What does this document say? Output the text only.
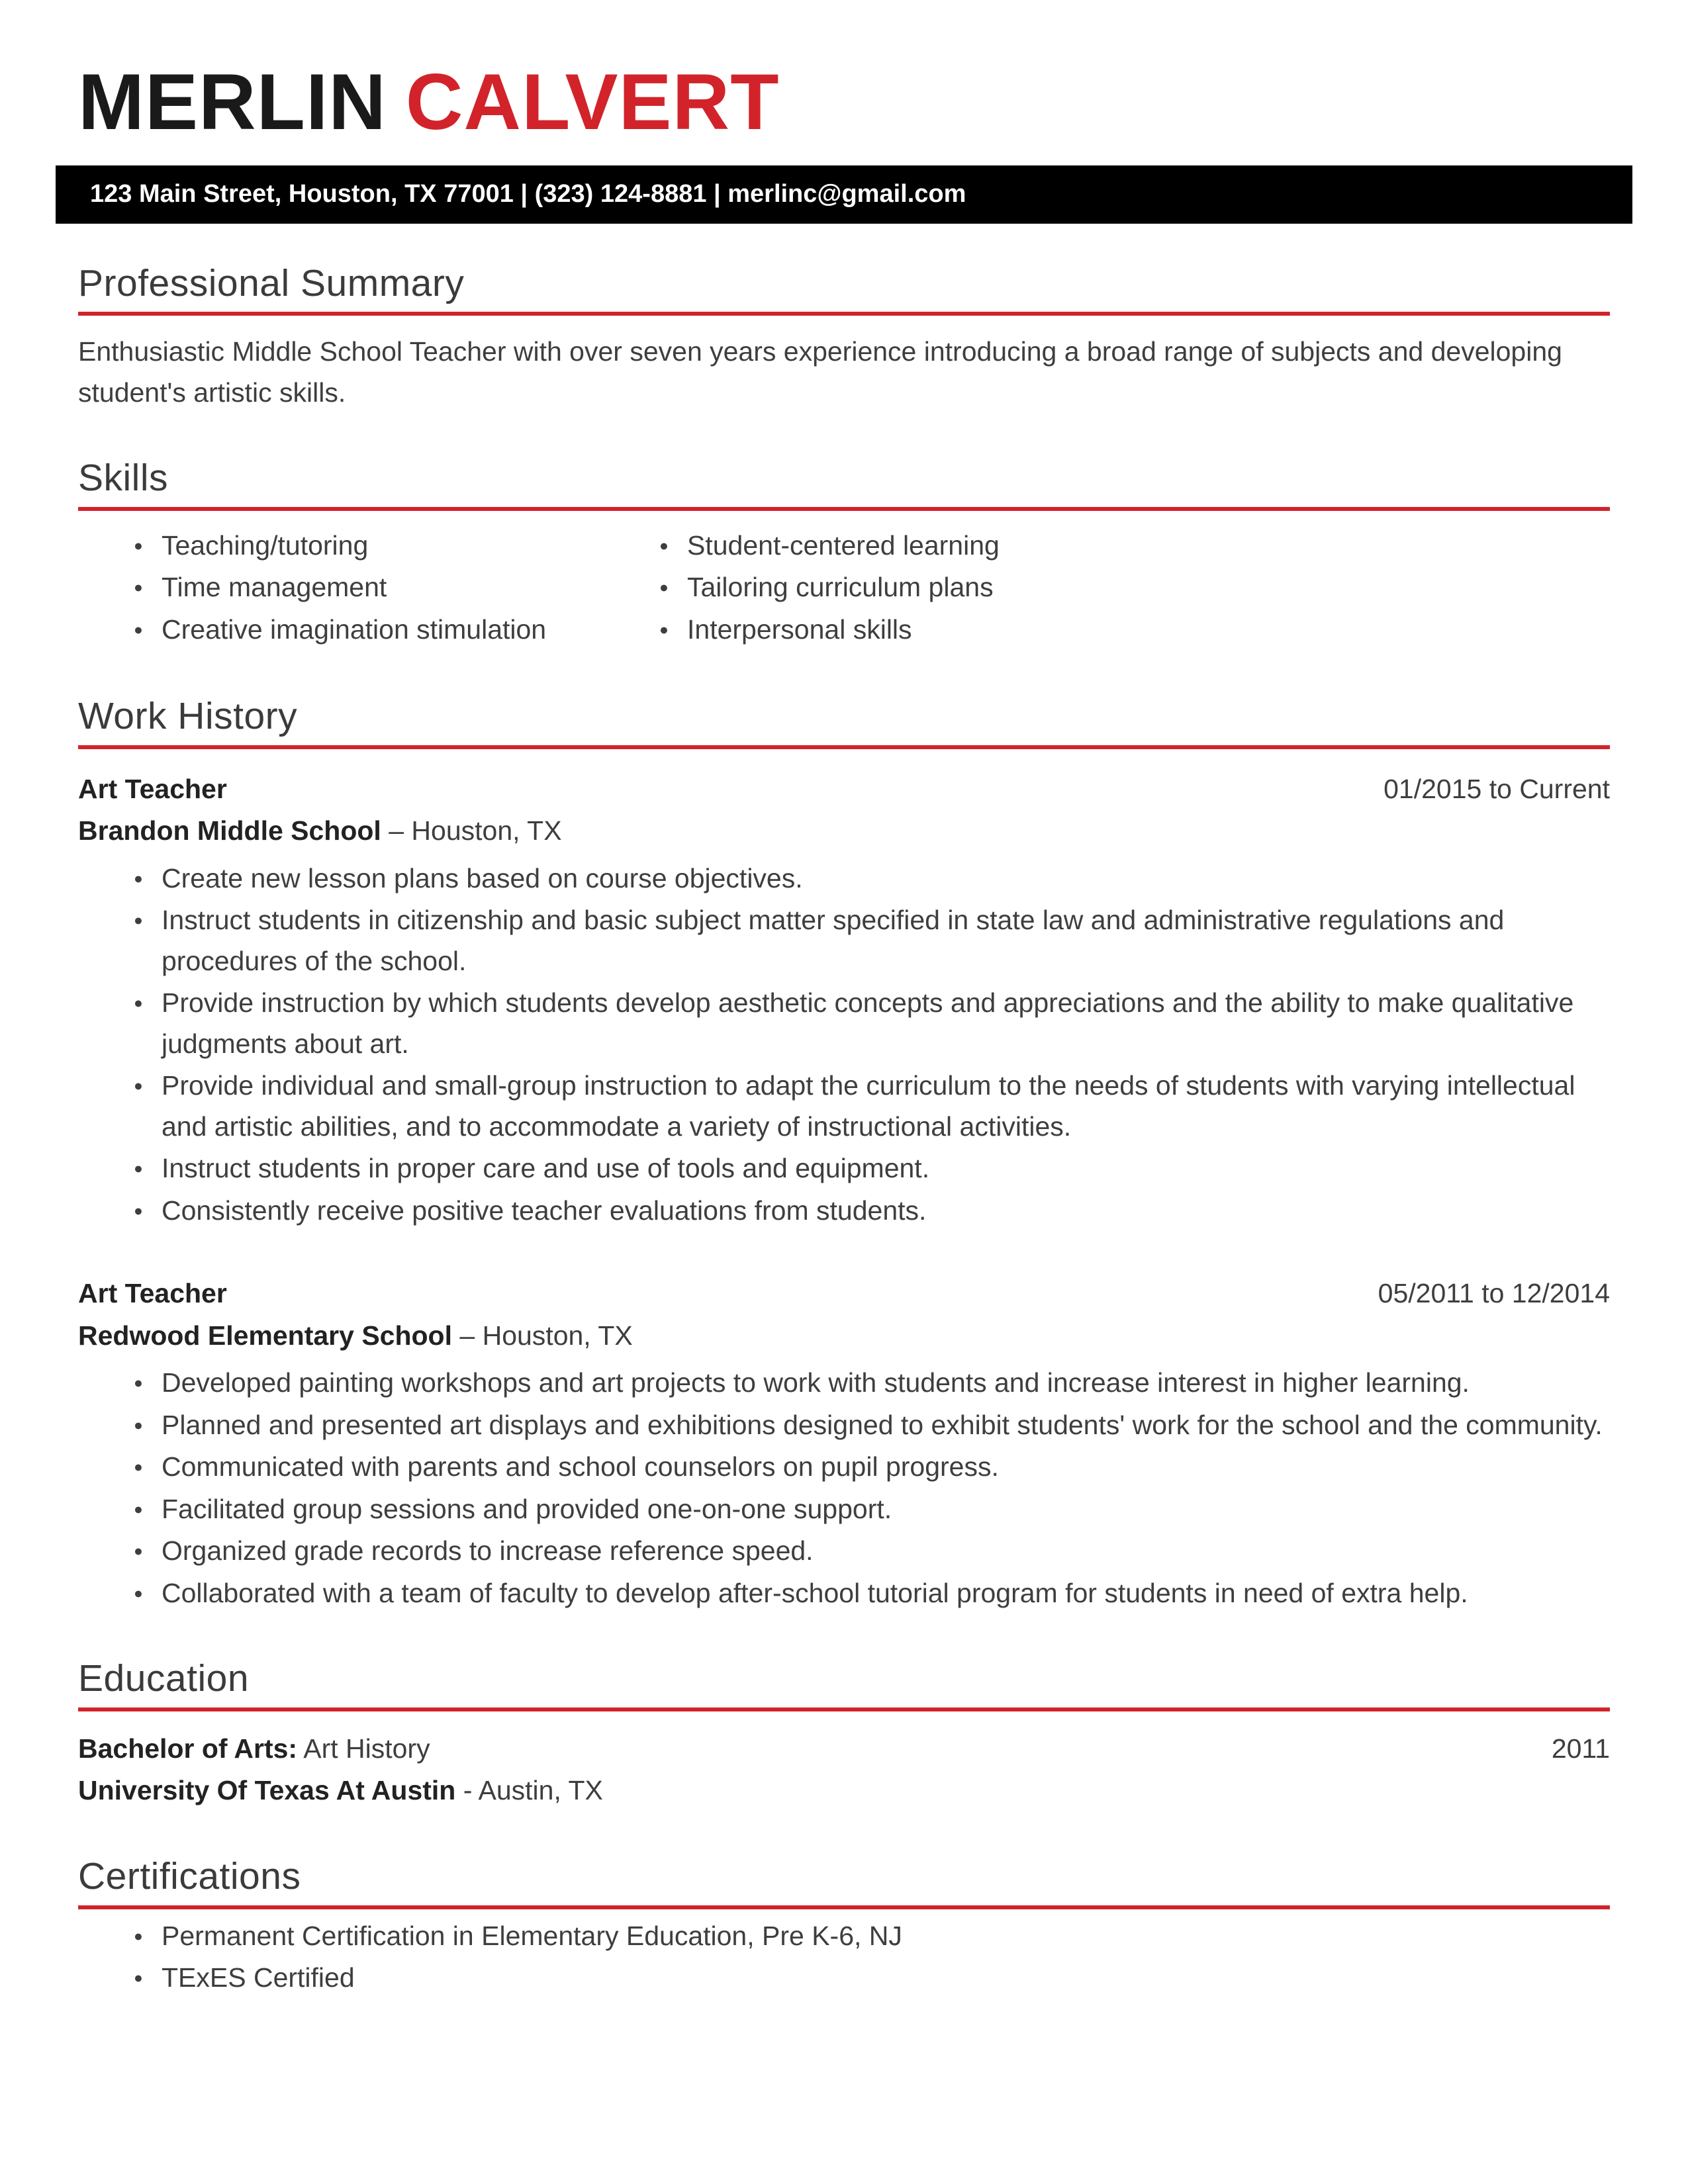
MERLIN CALVERT
123 Main Street, Houston, TX 77001 | (323) 124-8881 | merlinc@gmail.com
Professional Summary
Enthusiastic Middle School Teacher with over seven years experience introducing a broad range of subjects and developing student's artistic skills.
Skills
●
Teaching/tutoring
●
Time management
●
Creative imagination stimulation
●
Student-centered learning
●
Tailoring curriculum plans
●
Interpersonal skills
Work History
Art Teacher	01/2015 to Current
Brandon Middle School – Houston, TX
●
Create new lesson plans based on course objectives.
●
Instruct students in citizenship and basic subject matter specified in state law and administrative regulations and procedures of the school.
●
Provide instruction by which students develop aesthetic concepts and appreciations and the ability to make qualitative judgments about art.
●
Provide individual and small-group instruction to adapt the curriculum to the needs of students with varying intellectual and artistic abilities, and to accommodate a variety of instructional activities.
●
Instruct students in proper care and use of tools and equipment.
●
Consistently receive positive teacher evaluations from students.
Art Teacher	05/2011 to 12/2014
Redwood Elementary School – Houston, TX
●
Developed painting workshops and art projects to work with students and increase interest in higher learning.
●
Planned and presented art displays and exhibitions designed to exhibit students' work for the school and the community.
●
Communicated with parents and school counselors on pupil progress.
●
Facilitated group sessions and provided one-on-one support.
●
Organized grade records to increase reference speed.
●
Collaborated with a team of faculty to develop after-school tutorial program for students in need of extra help.
Education
Bachelor of Arts: Art History	2011
University Of Texas At Austin - Austin, TX
Certifications
●
Permanent Certification in Elementary Education, Pre K-6, NJ
●
TExES Certified
